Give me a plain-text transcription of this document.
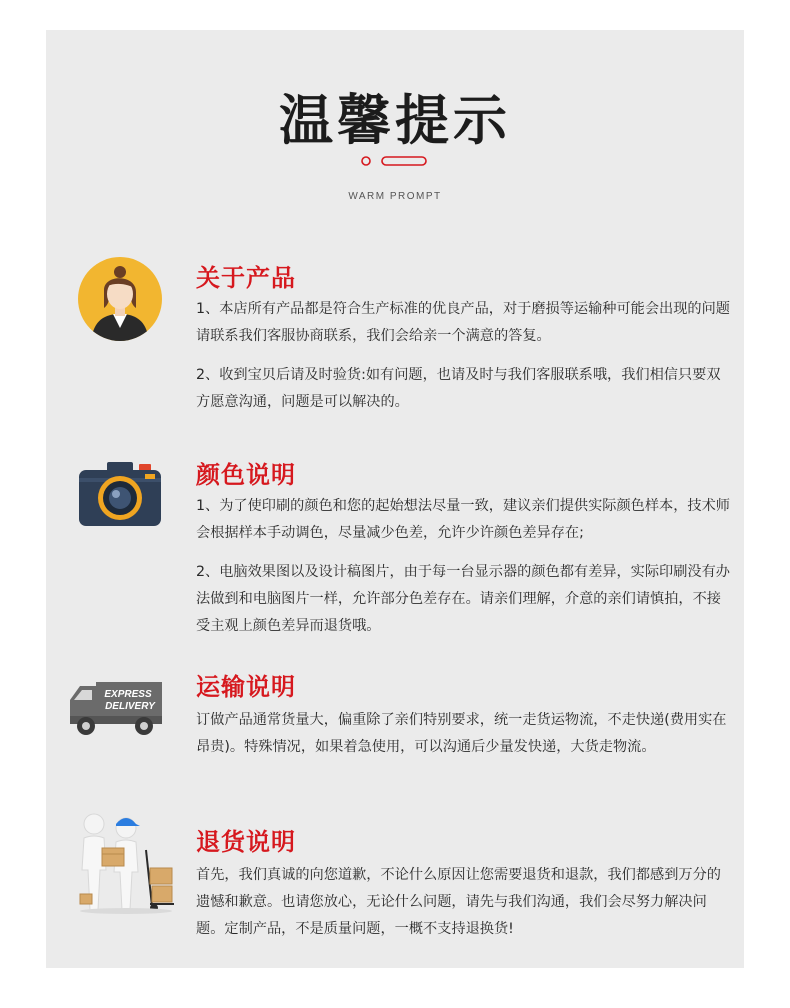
温馨提示
WARM PROMPT
关于产品

1、本店所有产品都是符合生产标准的优良产品，对于磨损等运输种可能会出现的问题请联系我们客服协商联系，我们会给亲一个满意的答复。

2、收到宝贝后请及时验货:如有问题，也请及时与我们客服联系哦，我们相信只要双方愿意沟通，问题是可以解决的。

颜色说明

1、为了使印刷的颜色和您的起始想法尽量一致，建议亲们提供实际颜色样本，技术师会根据样本手动调色，尽量减少色差，允许少许颜色差异存在;

2、电脑效果图以及设计稿图片，由于每一台显示器的颜色都有差异，实际印刷没有办法做到和电脑图片一样，允许部分色差存在。请亲们理解，介意的亲们请慎拍，不接受主观上颜色差异而退货哦。

EXPRESS
DELIVERY
运输说明

订做产品通常货量大，偏重除了亲们特别要求，统一走货运物流，不走快递(费用实在昂贵)。特殊情况，如果着急使用，可以沟通后少量发快递，大货走物流。

退货说明

首先，我们真诚的向您道歉，不论什么原因让您需要退货和退款，我们都感到万分的遗憾和歉意。也请您放心，无论什么问题，请先与我们沟通，我们会尽努力解决问题。定制产品，不是质量问题，一概不支持退换货!
